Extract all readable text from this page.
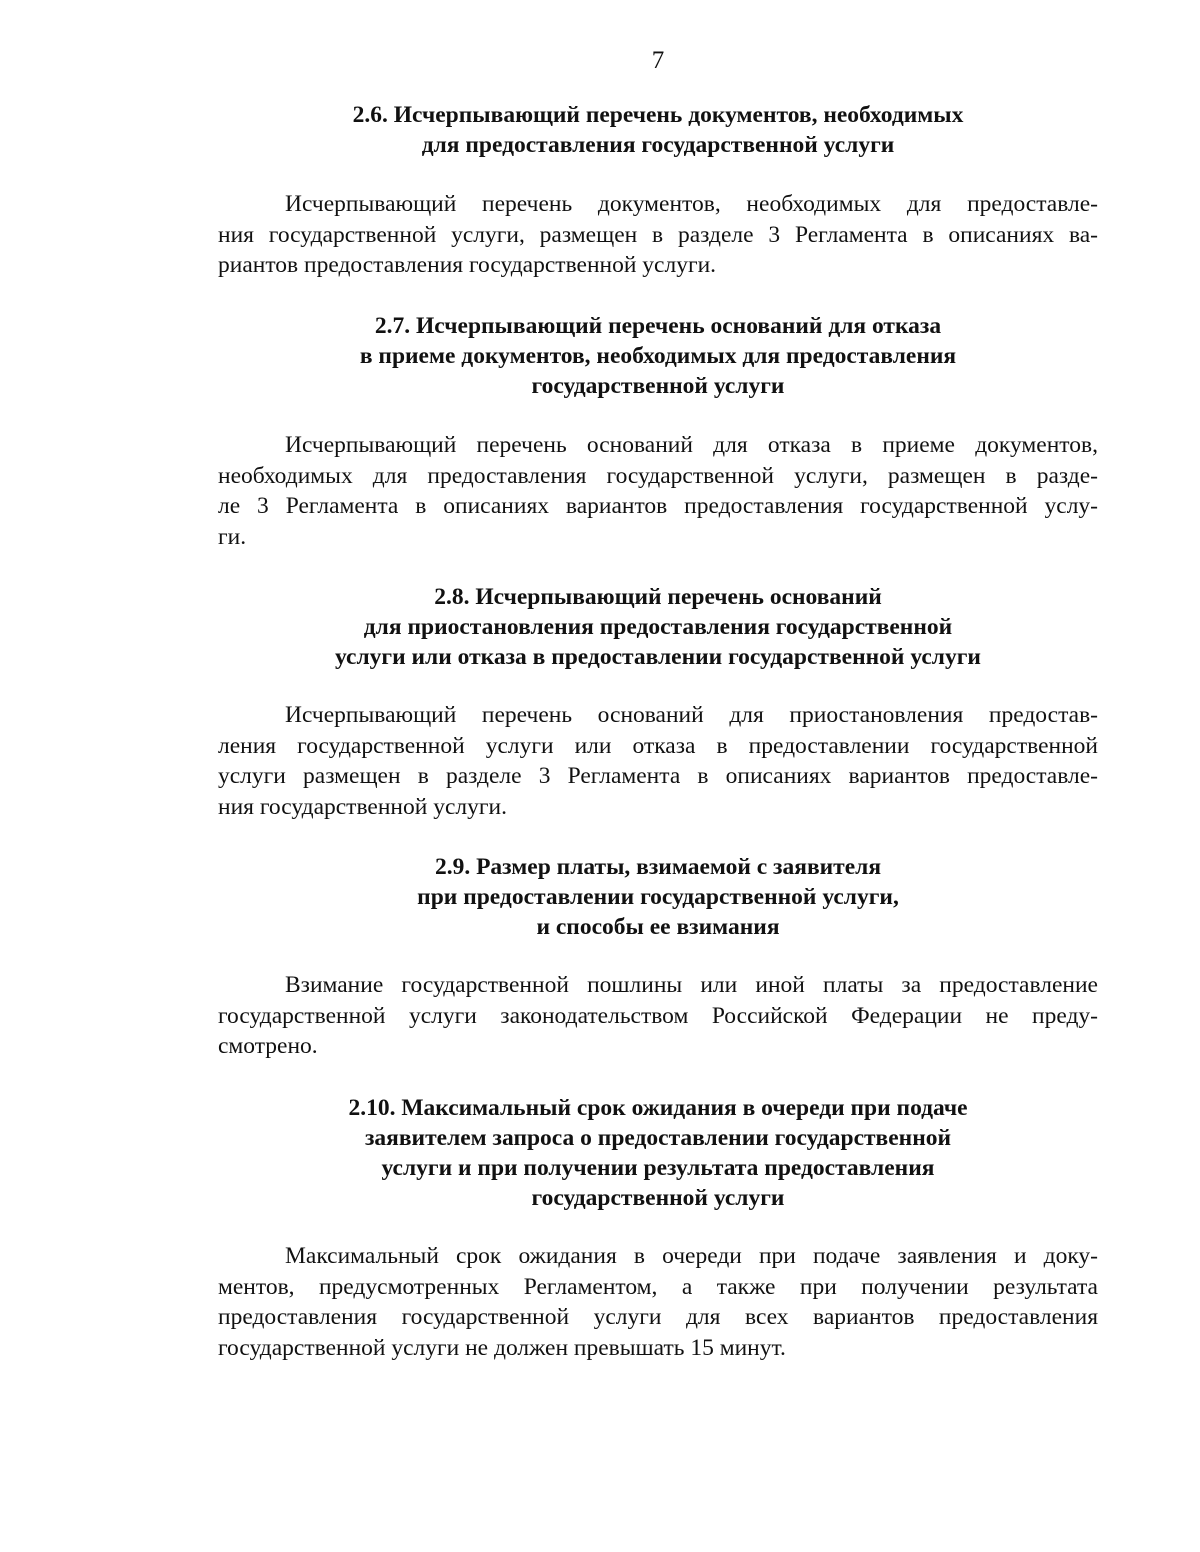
7
2.6. Исчерпывающий перечень документов, необходимых
для предоставления государственной услуги
Исчерпывающий перечень документов, необходимых для предоставле-
ния государственной услуги, размещен в разделе 3 Регламента в описаниях ва-
риантов предоставления государственной услуги.
2.7. Исчерпывающий перечень оснований для отказа
в приеме документов, необходимых для предоставления
государственной услуги
Исчерпывающий перечень оснований для отказа в приеме документов,
необходимых для предоставления государственной услуги, размещен в разде-
ле 3 Регламента в описаниях вариантов предоставления государственной услу-
ги.
2.8. Исчерпывающий перечень оснований
для приостановления предоставления государственной
услуги или отказа в предоставлении государственной услуги
Исчерпывающий перечень оснований для приостановления предостав-
ления государственной услуги или отказа в предоставлении государственной
услуги размещен в разделе 3 Регламента в описаниях вариантов предоставле-
ния государственной услуги.
2.9. Размер платы, взимаемой с заявителя
при предоставлении государственной услуги,
и способы ее взимания
Взимание государственной пошлины или иной платы за предоставление
государственной услуги законодательством Российской Федерации не преду-
смотрено.
2.10. Максимальный срок ожидания в очереди при подаче
заявителем запроса о предоставлении государственной
услуги и при получении результата предоставления
государственной услуги
Максимальный срок ожидания в очереди при подаче заявления и доку-
ментов, предусмотренных Регламентом, а также при получении результата
предоставления государственной услуги для всех вариантов предоставления
государственной услуги не должен превышать 15 минут.
